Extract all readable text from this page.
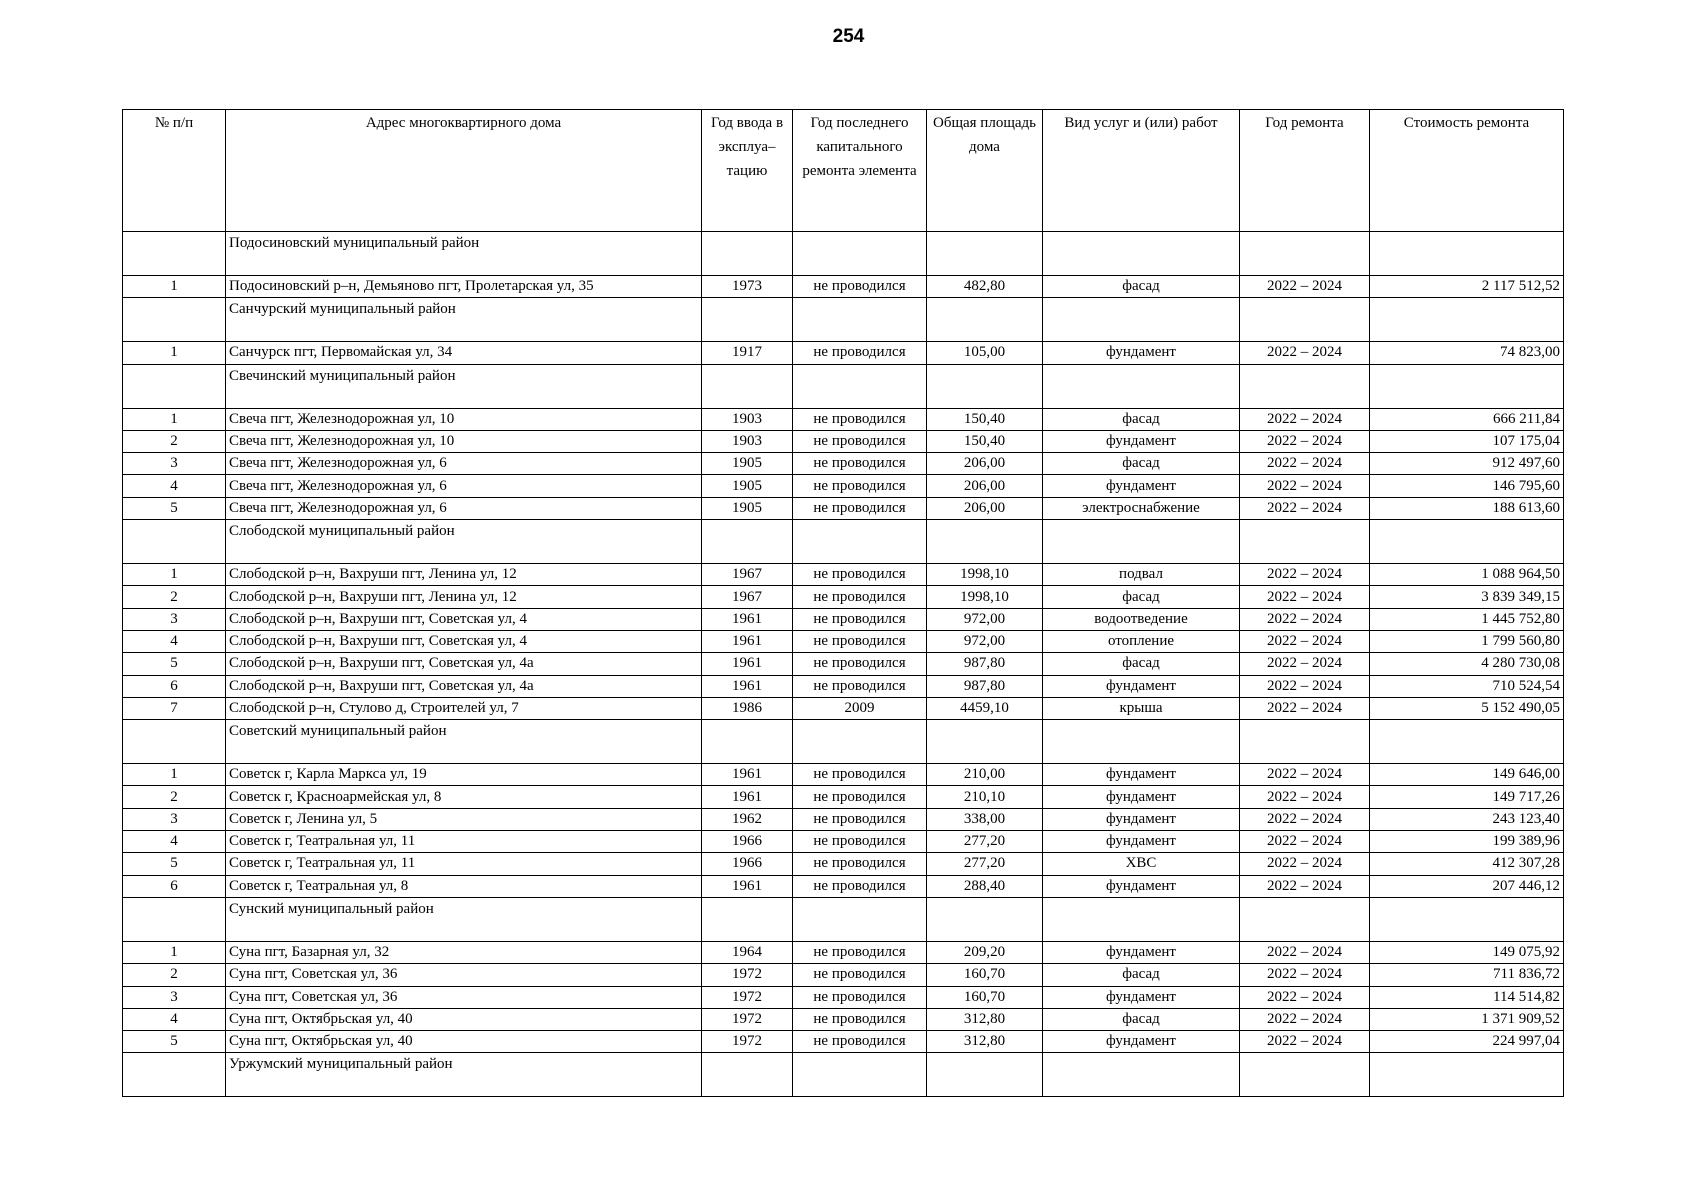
254
№ п/п	Адрес многоквартирного дома	Год ввода в эксплуа–тацию	Год последнего капитального ремонта элемента	Общая площадь дома	Вид услуг и (или) работ	Год ремонта	Стоимость ремонта
	Подосиновский муниципальный район						
1	Подосиновский р–н, Демьяново пгт, Пролетарская ул, 35	1973	не проводился	482,80	фасад	2022 – 2024	2 117 512,52
	Санчурский муниципальный район						
1	Санчурск пгт, Первомайская ул, 34	1917	не проводился	105,00	фундамент	2022 – 2024	74 823,00
	Свечинский муниципальный район						
1	Свеча пгт, Железнодорожная ул, 10	1903	не проводился	150,40	фасад	2022 – 2024	666 211,84
2	Свеча пгт, Железнодорожная ул, 10	1903	не проводился	150,40	фундамент	2022 – 2024	107 175,04
3	Свеча пгт, Железнодорожная ул, 6	1905	не проводился	206,00	фасад	2022 – 2024	912 497,60
4	Свеча пгт, Железнодорожная ул, 6	1905	не проводился	206,00	фундамент	2022 – 2024	146 795,60
5	Свеча пгт, Железнодорожная ул, 6	1905	не проводился	206,00	электроснабжение	2022 – 2024	188 613,60
	Слободской муниципальный район						
1	Слободской р–н, Вахруши пгт, Ленина ул, 12	1967	не проводился	1998,10	подвал	2022 – 2024	1 088 964,50
2	Слободской р–н, Вахруши пгт, Ленина ул, 12	1967	не проводился	1998,10	фасад	2022 – 2024	3 839 349,15
3	Слободской р–н, Вахруши пгт, Советская ул, 4	1961	не проводился	972,00	водоотведение	2022 – 2024	1 445 752,80
4	Слободской р–н, Вахруши пгт, Советская ул, 4	1961	не проводился	972,00	отопление	2022 – 2024	1 799 560,80
5	Слободской р–н, Вахруши пгт, Советская ул, 4а	1961	не проводился	987,80	фасад	2022 – 2024	4 280 730,08
6	Слободской р–н, Вахруши пгт, Советская ул, 4а	1961	не проводился	987,80	фундамент	2022 – 2024	710 524,54
7	Слободской р–н, Стулово д, Строителей ул, 7	1986	2009	4459,10	крыша	2022 – 2024	5 152 490,05
	Советский муниципальный район						
1	Советск г, Карла Маркса ул, 19	1961	не проводился	210,00	фундамент	2022 – 2024	149 646,00
2	Советск г, Красноармейская ул, 8	1961	не проводился	210,10	фундамент	2022 – 2024	149 717,26
3	Советск г, Ленина ул, 5	1962	не проводился	338,00	фундамент	2022 – 2024	243 123,40
4	Советск г, Театральная ул, 11	1966	не проводился	277,20	фундамент	2022 – 2024	199 389,96
5	Советск г, Театральная ул, 11	1966	не проводился	277,20	ХВС	2022 – 2024	412 307,28
6	Советск г, Театральная ул, 8	1961	не проводился	288,40	фундамент	2022 – 2024	207 446,12
	Сунский муниципальный район						
1	Суна пгт, Базарная ул, 32	1964	не проводился	209,20	фундамент	2022 – 2024	149 075,92
2	Суна пгт, Советская ул, 36	1972	не проводился	160,70	фасад	2022 – 2024	711 836,72
3	Суна пгт, Советская ул, 36	1972	не проводился	160,70	фундамент	2022 – 2024	114 514,82
4	Суна пгт, Октябрьская ул, 40	1972	не проводился	312,80	фасад	2022 – 2024	1 371 909,52
5	Суна пгт, Октябрьская ул, 40	1972	не проводился	312,80	фундамент	2022 – 2024	224 997,04
	Уржумский муниципальный район						
